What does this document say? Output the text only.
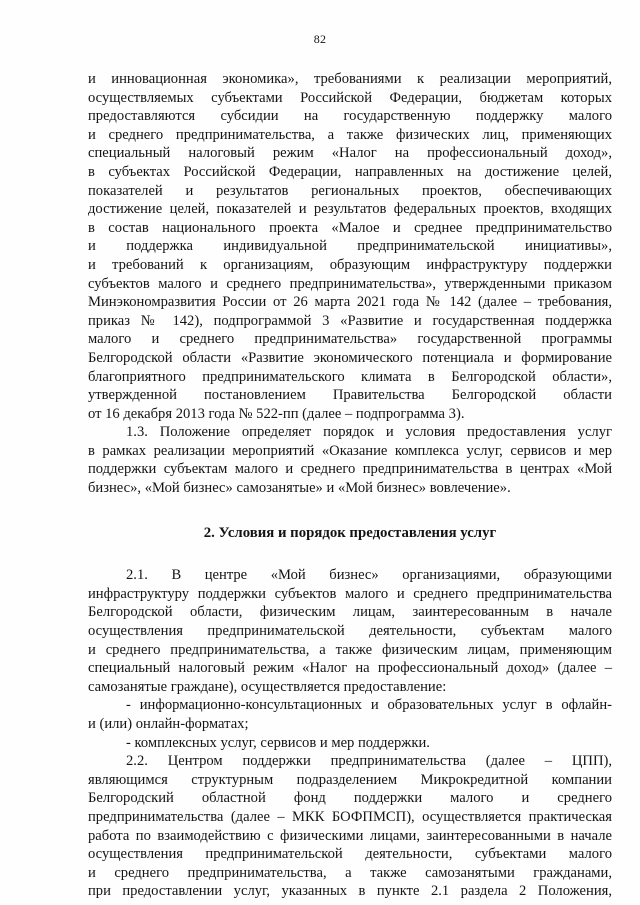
82

и инновационная экономика», требованиями к реализации мероприятий,

осуществляемых субъектами Российской Федерации, бюджетам которых

предоставляются субсидии на государственную поддержку малого

и среднего предпринимательства, а также физических лиц, применяющих

специальный налоговый режим «Налог на профессиональный доход»,

в субъектах Российской Федерации, направленных на достижение целей,

показателей и результатов региональных проектов, обеспечивающих

достижение целей, показателей и результатов федеральных проектов, входящих

в состав национального проекта «Малое и среднее предпринимательство

и поддержка индивидуальной предпринимательской инициативы»,

и требований к организациям, образующим инфраструктуру поддержки

субъектов малого и среднего предпринимательства», утвержденными приказом

Минэкономразвития России от 26 марта 2021 года № 142 (далее – требования,

приказ № 142), подпрограммой 3 «Развитие и государственная поддержка

малого и среднего предпринимательства» государственной программы

Белгородской области «Развитие экономического потенциала и формирование

благоприятного предпринимательского климата в Белгородской области»,

утвержденной постановлением Правительства Белгородской области

от 16 декабря 2013 года № 522-пп (далее – подпрограмма 3).

1.3. Положение определяет порядок и условия предоставления услуг

в рамках реализации мероприятий «Оказание комплекса услуг, сервисов и мер

поддержки субъектам малого и среднего предпринимательства в центрах «Мой

бизнес», «Мой бизнес» самозанятые» и «Мой бизнес» вовлечение».

2. Условия и порядок предоставления услуг

2.1. В центре «Мой бизнес» организациями, образующими

инфраструктуру поддержки субъектов малого и среднего предпринимательства

Белгородской области, физическим лицам, заинтересованным в начале

осуществления предпринимательской деятельности, субъектам малого

и среднего предпринимательства, а также физическим лицам, применяющим

специальный налоговый режим «Налог на профессиональный доход» (далее –

самозанятые граждане), осуществляется предоставление:

- информационно-консультационных и образовательных услуг в офлайн-

и (или) онлайн-форматах;

- комплексных услуг, сервисов и мер поддержки.

2.2. Центром поддержки предпринимательства (далее – ЦПП),

являющимся структурным подразделением Микрокредитной компании

Белгородский областной фонд поддержки малого и среднего

предпринимательства (далее – МКК БОФПМСП), осуществляется практическая

работа по взаимодействию с физическими лицами, заинтересованными в начале

осуществления предпринимательской деятельности, субъектами малого

и среднего предпринимательства, а также самозанятыми гражданами,

при предоставлении услуг, указанных в пункте 2.1 раздела 2 Положения,
